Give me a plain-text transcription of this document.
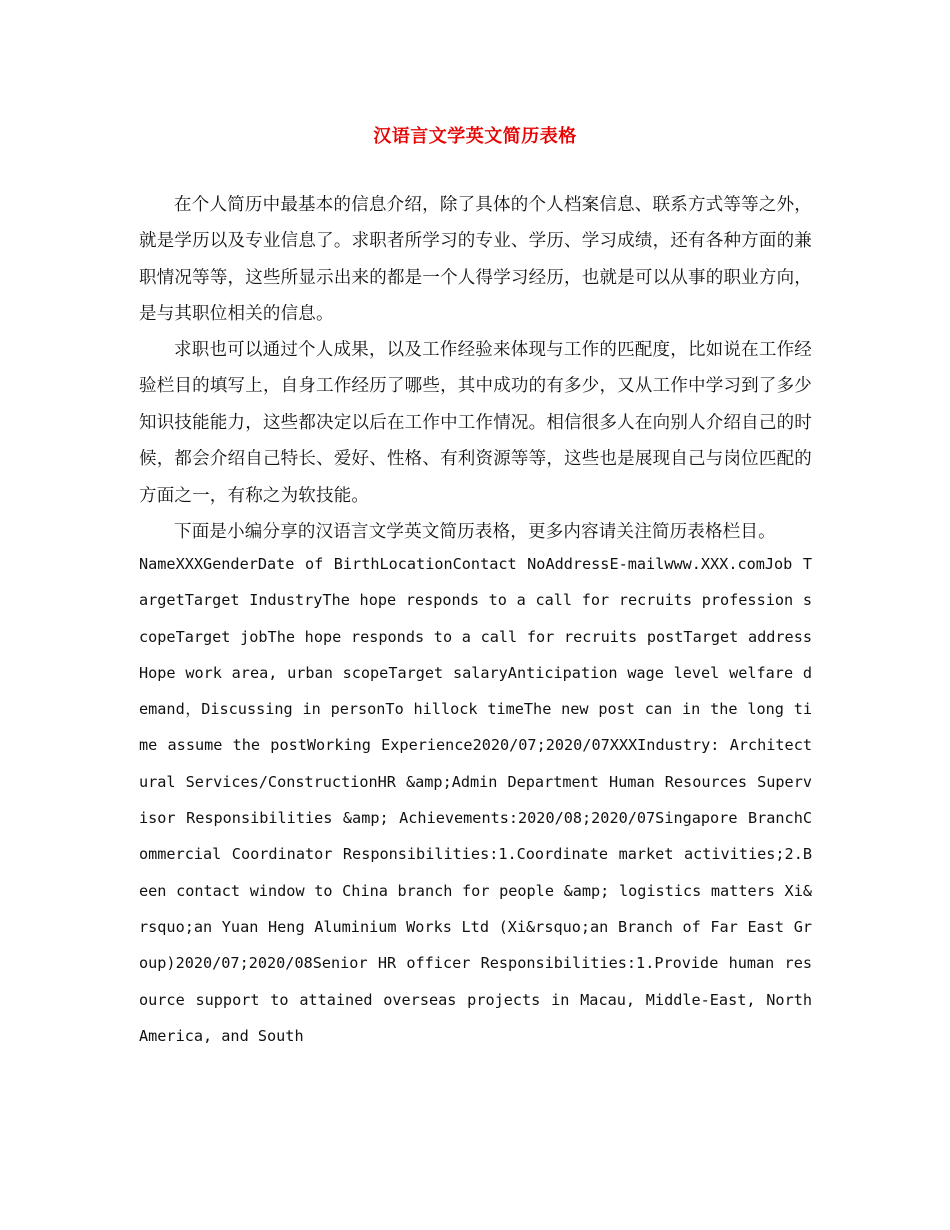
汉语言文学英文简历表格

在个人简历中最基本的信息介绍，除了具体的个人档案信息、联系方式等等之外，就是学历以及专业信息了。求职者所学习的专业、学历、学习成绩，还有各种方面的兼职情况等等，这些所显示出来的都是一个人得学习经历，也就是可以从事的职业方向，是与其职位相关的信息。

求职也可以通过个人成果，以及工作经验来体现与工作的匹配度，比如说在工作经验栏目的填写上，自身工作经历了哪些，其中成功的有多少，又从工作中学习到了多少知识技能能力，这些都决定以后在工作中工作情况。相信很多人在向别人介绍自己的时候，都会介绍自己特长、爱好、性格、有利资源等等，这些也是展现自己与岗位匹配的方面之一，有称之为软技能。

下面是小编分享的汉语言文学英文简历表格，更多内容请关注简历表格栏目。

NameXXXGenderDate of BirthLocationContact NoAddressE-mailwww.XXX.comJob TargetTarget IndustryThe hope responds to a call for recruits profession scopeTarget jobThe hope responds to a call for recruits postTarget addressHope work area, urban scopeTarget salaryAnticipation wage level welfare demand，Discussing in personTo hillock timeThe new post can in the long time assume the postWorking Experience2020/07;2020/07XXXIndustry: Architectural Services/ConstructionHR &amp;Admin Department Human Resources Supervisor Responsibilities &amp; Achievements:2020/08;2020/07Singapore BranchCommercial Coordinator Responsibilities:1.Coordinate market activities;2.Been contact window to China branch for people &amp; logistics matters Xi&rsquo;an Yuan Heng Aluminium Works Ltd (Xi&rsquo;an Branch of Far East Group)2020/07;2020/08Senior HR officer Responsibilities:1.Provide human resource support to attained overseas projects in Macau, Middle-East, North America, and South
